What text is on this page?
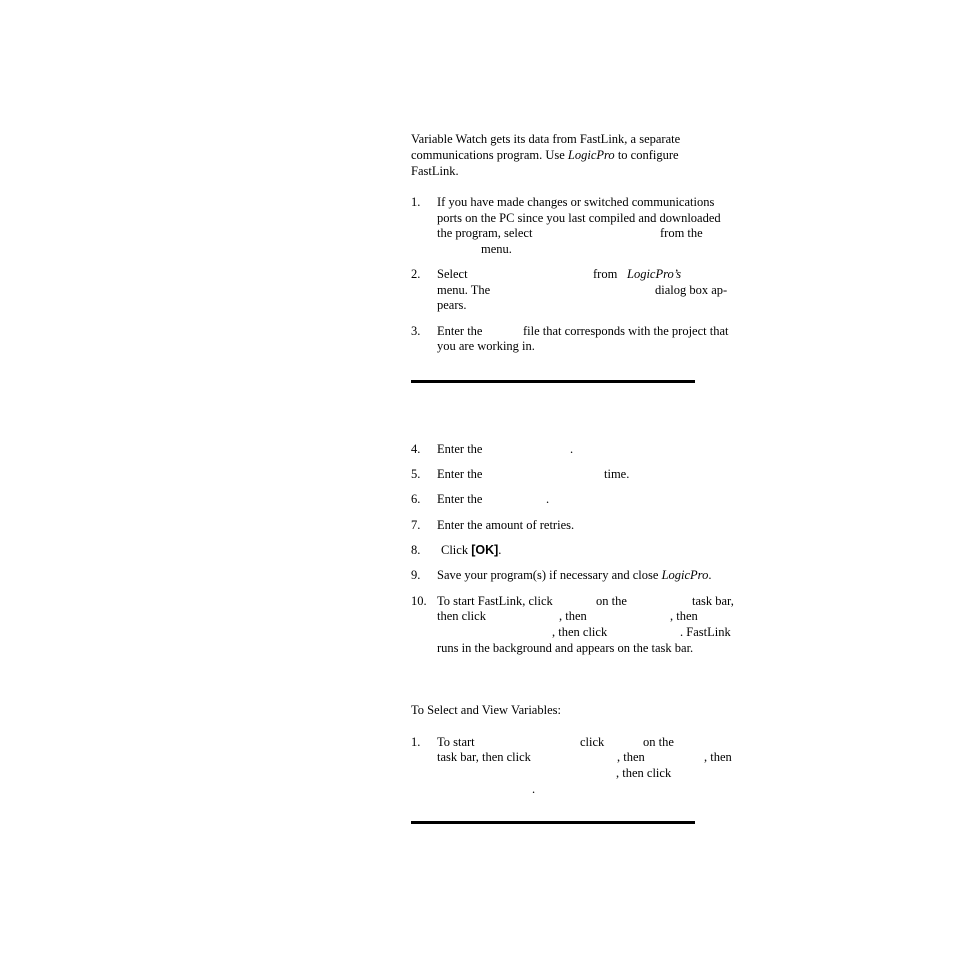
Variable Watch gets its data from FastLink, a separate
communications program. Use LogicPro to configure
FastLink.
1. If you have made changes or switched communications
ports on the PC since you last compiled and downloaded
the program, select	from the
menu.
2. Select	from LogicPro’s
menu. The	dialog box ap-
pears.
3. Enter the	file that corresponds with the project that
you are working in.
4. Enter the	.
5. Enter the	time.
6. Enter the	.
7. Enter the amount of retries.
8. Click [OK].
9. Save your program(s) if necessary and close LogicPro.
10. To start FastLink, click	on the	task bar,
then click	, then	, then
, then click	. FastLink
runs in the background and appears on the task bar.
To Select and View Variables:
1. To start	click	on the
task bar, then click	, then	, then
, then click
.
